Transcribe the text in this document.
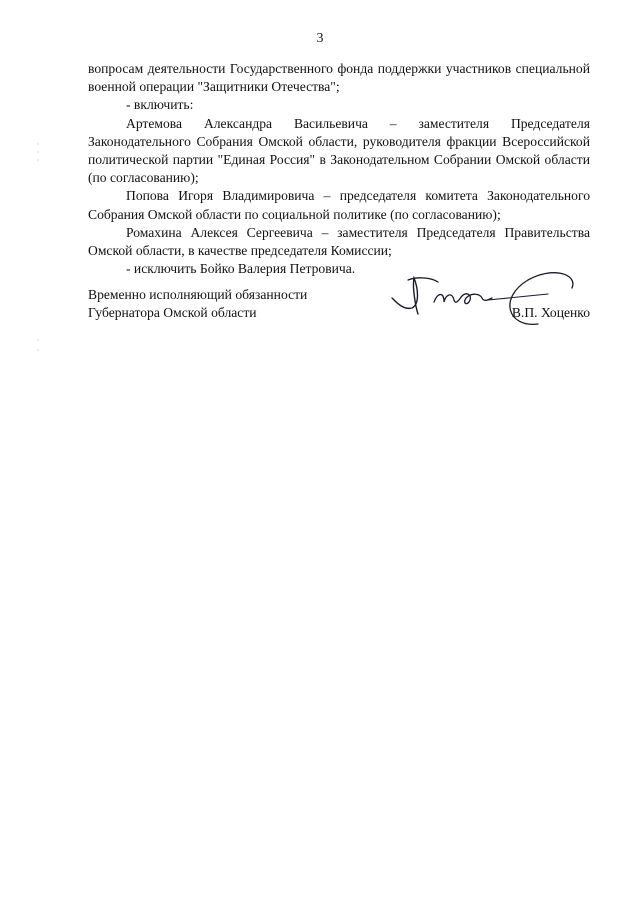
3

вопросам деятельности Государственного фонда поддержки участников специальной военной операции "Защитники Отечества";

- включить:

Артемова Александра Васильевича – заместителя Председателя Законодательного Собрания Омской области, руководителя фракции Всероссийской политической партии "Единая Россия" в Законодательном Собрании Омской области (по согласованию);

Попова Игоря Владимировича – председателя комитета Законодательного Собрания Омской области по социальной политике (по согласованию);

Ромахина Алексея Сергеевича – заместителя Председателя Правительства Омской области, в качестве председателя Комиссии;

- исключить Бойко Валерия Петровича.

Временно исполняющий обязанности
Губернатора Омской области	В.П. Хоценко
